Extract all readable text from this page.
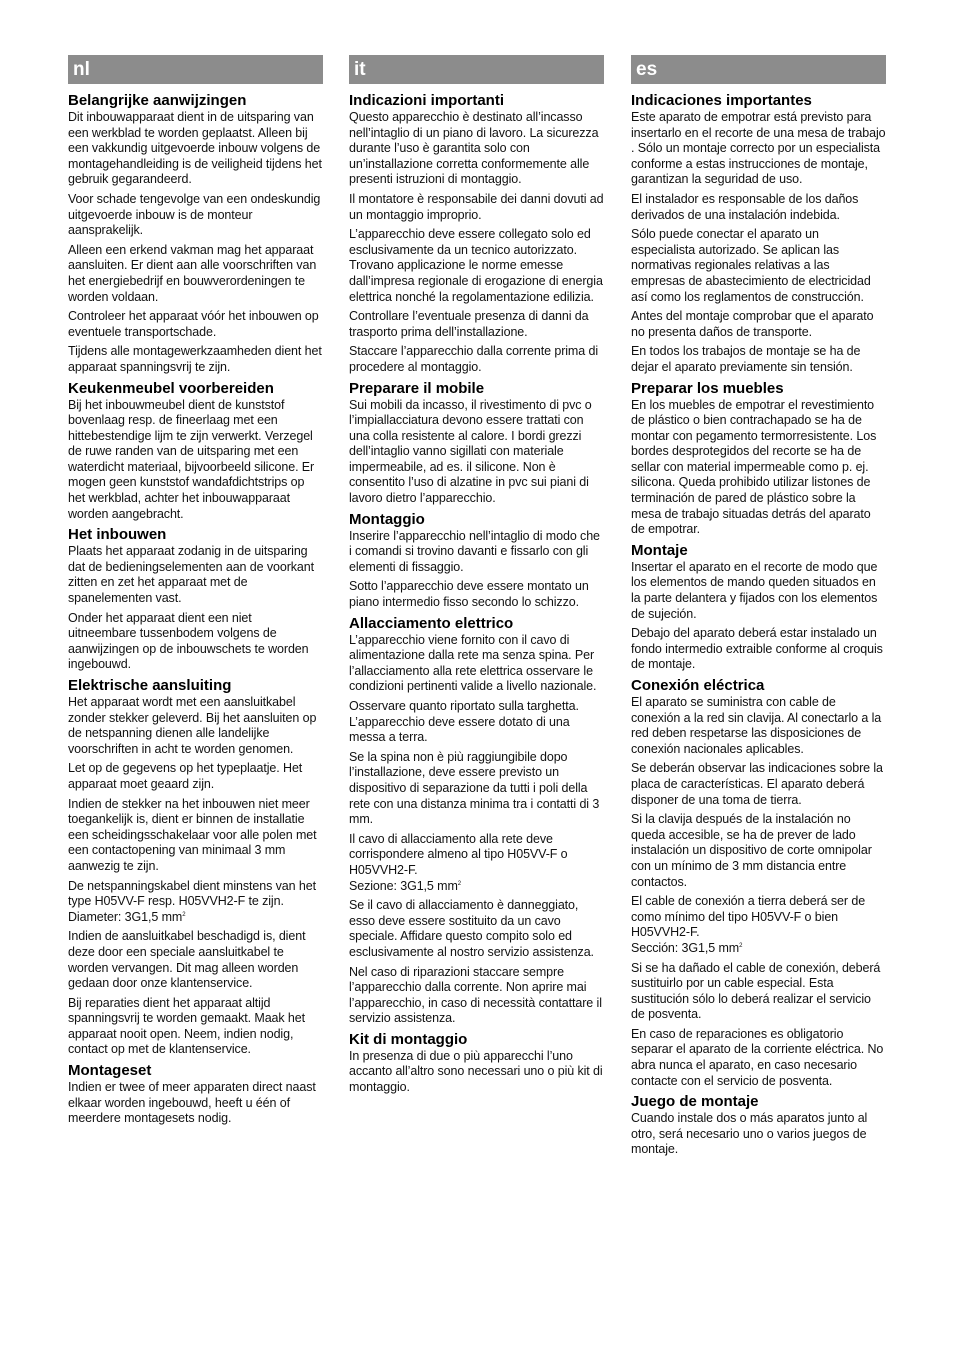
nl
Belangrijke aanwijzingen

Dit inbouwapparaat dient in de uitsparing van een werkblad te worden geplaatst. Alleen bij een vakkundig uitgevoerde inbouw volgens de montagehandleiding is de veiligheid tijdens het gebruik gegarandeerd.

Voor schade tengevolge van een ondeskundig uitgevoerde inbouw is de monteur aansprakelijk.

Alleen een erkend vakman mag het apparaat aansluiten. Er dient aan alle voorschriften van het energiebedrijf en bouwverordeningen te worden voldaan.

Controleer het apparaat vóór het inbouwen op eventuele transportschade.

Tijdens alle montagewerkzaamheden dient het apparaat spanningsvrij te zijn.

Keukenmeubel voorbereiden

Bij het inbouwmeubel dient de kunststof bovenlaag resp. de fineerlaag met een hittebestendige lijm te zijn verwerkt. Verzegel de ruwe randen van de uitsparing met een waterdicht materiaal, bijvoorbeeld silicone. Er mogen geen kunststof wandafdichtstrips op het werkblad, achter het inbouwapparaat worden aangebracht.

Het inbouwen

Plaats het apparaat zodanig in de uitsparing dat de bedieningselementen aan de voorkant zitten en zet het apparaat met de spanelementen vast.

Onder het apparaat dient een niet uitneembare tussenbodem volgens de aanwijzingen op de inbouwschets te worden ingebouwd.

Elektrische aansluiting

Het apparaat wordt met een aansluitkabel zonder stekker geleverd. Bij het aansluiten op de netspanning dienen alle landelijke voorschriften in acht te worden genomen.

Let op de gegevens op het typeplaatje. Het apparaat moet geaard zijn.

Indien de stekker na het inbouwen niet meer toegankelijk is, dient er binnen de installatie een scheidingsschakelaar voor alle polen met een contactopening van minimaal 3 mm aanwezig te zijn.

De netspanningskabel dient minstens van het type H05VV-F resp. H05VVH2-F te zijn.
Diameter: 3G1,5 $mm^2$

Indien de aansluitkabel beschadigd is, dient deze door een speciale aansluitkabel te worden vervangen. Dit mag alleen worden gedaan door onze klantenservice.

Bij reparaties dient het apparaat altijd spanningsvrij te worden gemaakt. Maak het apparaat nooit open. Neem, indien nodig, contact op met de klantenservice.

Montageset

Indien er twee of meer apparaten direct naast elkaar worden ingebouwd, heeft u één of meerdere montagesets nodig.

it
Indicazioni importanti

Questo apparecchio è destinato all’incasso nell’intaglio di un piano di lavoro. La sicurezza durante l’uso è garantita solo con un’installazione corretta conformemente alle presenti istruzioni di montaggio.

Il montatore è responsabile dei danni dovuti ad un montaggio improprio.

L’apparecchio deve essere collegato solo ed esclusivamente da un tecnico autorizzato. Trovano applicazione le norme emesse dall’impresa regionale di erogazione di energia elettrica nonché la regolamentazione edilizia.

Controllare l’eventuale presenza di danni da trasporto prima dell’installazione.

Staccare l’apparecchio dalla corrente prima di procedere al montaggio.

Preparare il mobile

Sui mobili da incasso, il rivestimento di pvc o l’impiallacciatura devono essere trattati con una colla resistente al calore. I bordi grezzi dell’intaglio vanno sigillati con materiale impermeabile, ad es. il silicone. Non è consentito l’uso di alzatine in pvc sui piani di lavoro dietro l’apparecchio.

Montaggio

Inserire l’apparecchio nell’intaglio di modo che i comandi si trovino davanti e fissarlo con gli elementi di fissaggio.

Sotto l’apparecchio deve essere montato un piano intermedio fisso secondo lo schizzo.

Allacciamento elettrico

L’apparecchio viene fornito con il cavo di alimentazione dalla rete ma senza spina. Per l’allacciamento alla rete elettrica osservare le condizioni pertinenti valide a livello nazionale.

Osservare quanto riportato sulla targhetta. L’apparecchio deve essere dotato di una messa a terra.

Se la spina non è più raggiungibile dopo l’installazione, deve essere previsto un dispositivo di separazione da tutti i poli della rete con una distanza minima tra i contatti di 3 mm.

Il cavo di allacciamento alla rete deve corrispondere almeno al tipo H05VV-F o H05VVH2-F.
Sezione: 3G1,5 $mm^2$

Se il cavo di allacciamento è danneggiato, esso deve essere sostituito da un cavo speciale. Affidare questo compito solo ed esclusivamente al nostro servizio assistenza.

Nel caso di riparazioni staccare sempre l’apparecchio dalla corrente. Non aprire mai l’apparecchio, in caso di necessità contattare il servizio assistenza.

Kit di montaggio

In presenza di due o più apparecchi l’uno accanto all’altro sono necessari uno o più kit di montaggio.

es
Indicaciones importantes

Este aparato de empotrar está previsto para insertarlo en el recorte de una mesa de trabajo . Sólo un montaje correcto por un especialista conforme a estas instrucciones de montaje, garantizan la seguridad de uso.

El instalador es responsable de los daños derivados de una instalación indebida.

Sólo puede conectar el aparato un especialista autorizado. Se aplican las normativas regionales relativas a las empresas de abastecimiento de electricidad así como los reglamentos de construcción.

Antes del montaje comprobar que el aparato no presenta daños de transporte.

En todos los trabajos de montaje se ha de dejar el aparato previamente sin tensión.

Preparar los muebles

En los muebles de empotrar el revestimiento de plástico o bien contrachapado se ha de montar con pegamento termorresistente. Los bordes desprotegidos del recorte se ha de sellar con material impermeable como p. ej. silicona. Queda prohibido utilizar listones de terminación de pared de plástico sobre la mesa de trabajo situadas detrás del aparato de empotrar.

Montaje

Insertar el aparato en el recorte de modo que los elementos de mando queden situados en la parte delantera y fijados con los elementos de sujeción.

Debajo del aparato deberá estar instalado un fondo intermedio extraible conforme al croquis de montaje.

Conexión eléctrica

El aparato se suministra con cable de conexión a la red sin clavija. Al conectarlo a la red deben respetarse las disposiciones de conexión nacionales aplicables.

Se deberán observar las indicaciones sobre la placa de características. El aparato deberá disponer de una toma de tierra.

Si la clavija después de la instalación no queda accesible, se ha de prever de lado instalación un dispositivo de corte omnipolar con un mínimo de 3 mm distancia entre contactos.

El cable de conexión a tierra deberá ser de como mínimo del tipo H05VV-F o bien H05VVH2-F.
Sección: 3G1,5 $mm^2$

Si se ha dañado el cable de conexión, deberá sustituirlo por un cable especial. Esta sustitución sólo lo deberá realizar el servicio de posventa.

En caso de reparaciones es obligatorio separar el aparato de la corriente eléctrica. No abra nunca el aparato, en caso necesario contacte con el servicio de posventa.

Juego de montaje

Cuando instale dos o más aparatos junto al otro, será necesario uno o varios juegos de montaje.
